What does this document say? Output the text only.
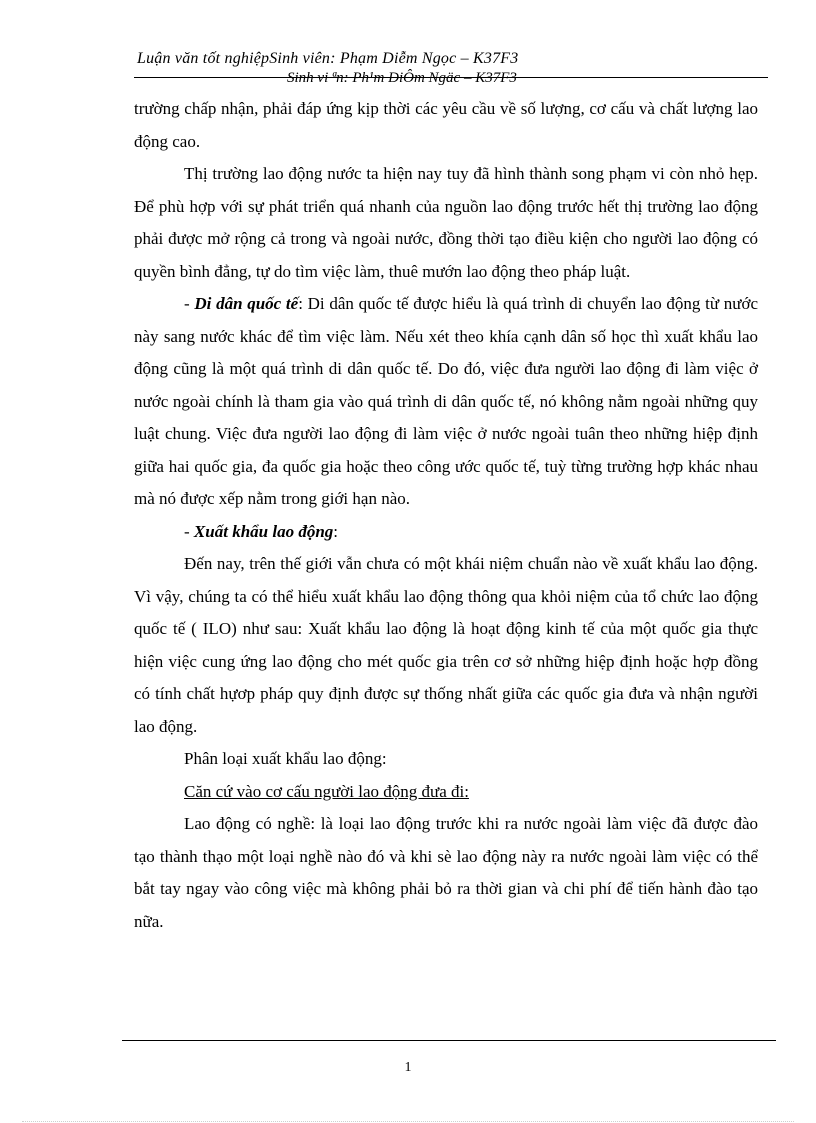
Luận văn tốt nghiệpSinh viên: Phạm Diễm Ngọc – K37F3
Sinh vi ªn: Ph¹m DiÔm Ngäc – K37F3

trường chấp nhận, phải đáp ứng kịp thời các yêu cầu về số lượng, cơ cấu và chất lượng lao động cao.

Thị trường lao động nước ta hiện nay tuy đã hình thành song phạm vi còn nhỏ hẹp. Để phù hợp với sự phát triển quá nhanh của nguồn lao động trước hết thị trường lao động phải được mở rộng cả trong và ngoài nước, đồng thời tạo điều kiện cho người lao động có quyền bình đẳng, tự do tìm việc làm, thuê mướn lao động theo pháp luật.

- Di dân quốc tế: Di dân quốc tế được hiểu là quá trình di chuyển lao động từ nước này sang nước khác để tìm việc làm. Nếu xét theo khía cạnh dân số học thì xuất khẩu lao động cũng là một quá trình di dân quốc tế. Do đó, việc đưa người lao động đi làm việc ở nước ngoài chính là tham gia vào quá trình di dân quốc tế, nó không nằm ngoài những quy luật chung. Việc đưa người lao động đi làm việc ở nước ngoài tuân theo những hiệp định giữa hai quốc gia, đa quốc gia hoặc theo công ước quốc tế, tuỳ từng trường hợp khác nhau mà nó được xếp nằm trong giới hạn nào.

- Xuất khẩu lao động:

Đến nay, trên thế giới vẫn chưa có một khái niệm chuẩn nào về xuất khẩu lao động. Vì vậy, chúng ta có thể hiểu xuất khẩu lao động thông qua khỏi niệm của tổ chức lao động quốc tế ( ILO) như sau: Xuất khẩu lao động là hoạt động kinh tế của một quốc gia thực hiện việc cung ứng lao động cho mét quốc gia trên cơ sở những hiệp định hoặc hợp đồng có tính chất hựơp pháp quy định được sự thống nhất giữa các quốc gia đưa và nhận người lao động.

Phân loại xuất khẩu lao động:

Căn cứ vào cơ cấu người lao động đưa đi:

Lao động có nghề: là loại lao động trước khi ra nước ngoài làm việc đã được đào tạo thành thạo một loại nghề nào đó và khi sè lao động này ra nước ngoài làm việc có thể bắt tay ngay vào công việc mà không phải bỏ ra thời gian và chi phí để tiến hành đào tạo nữa.

1
